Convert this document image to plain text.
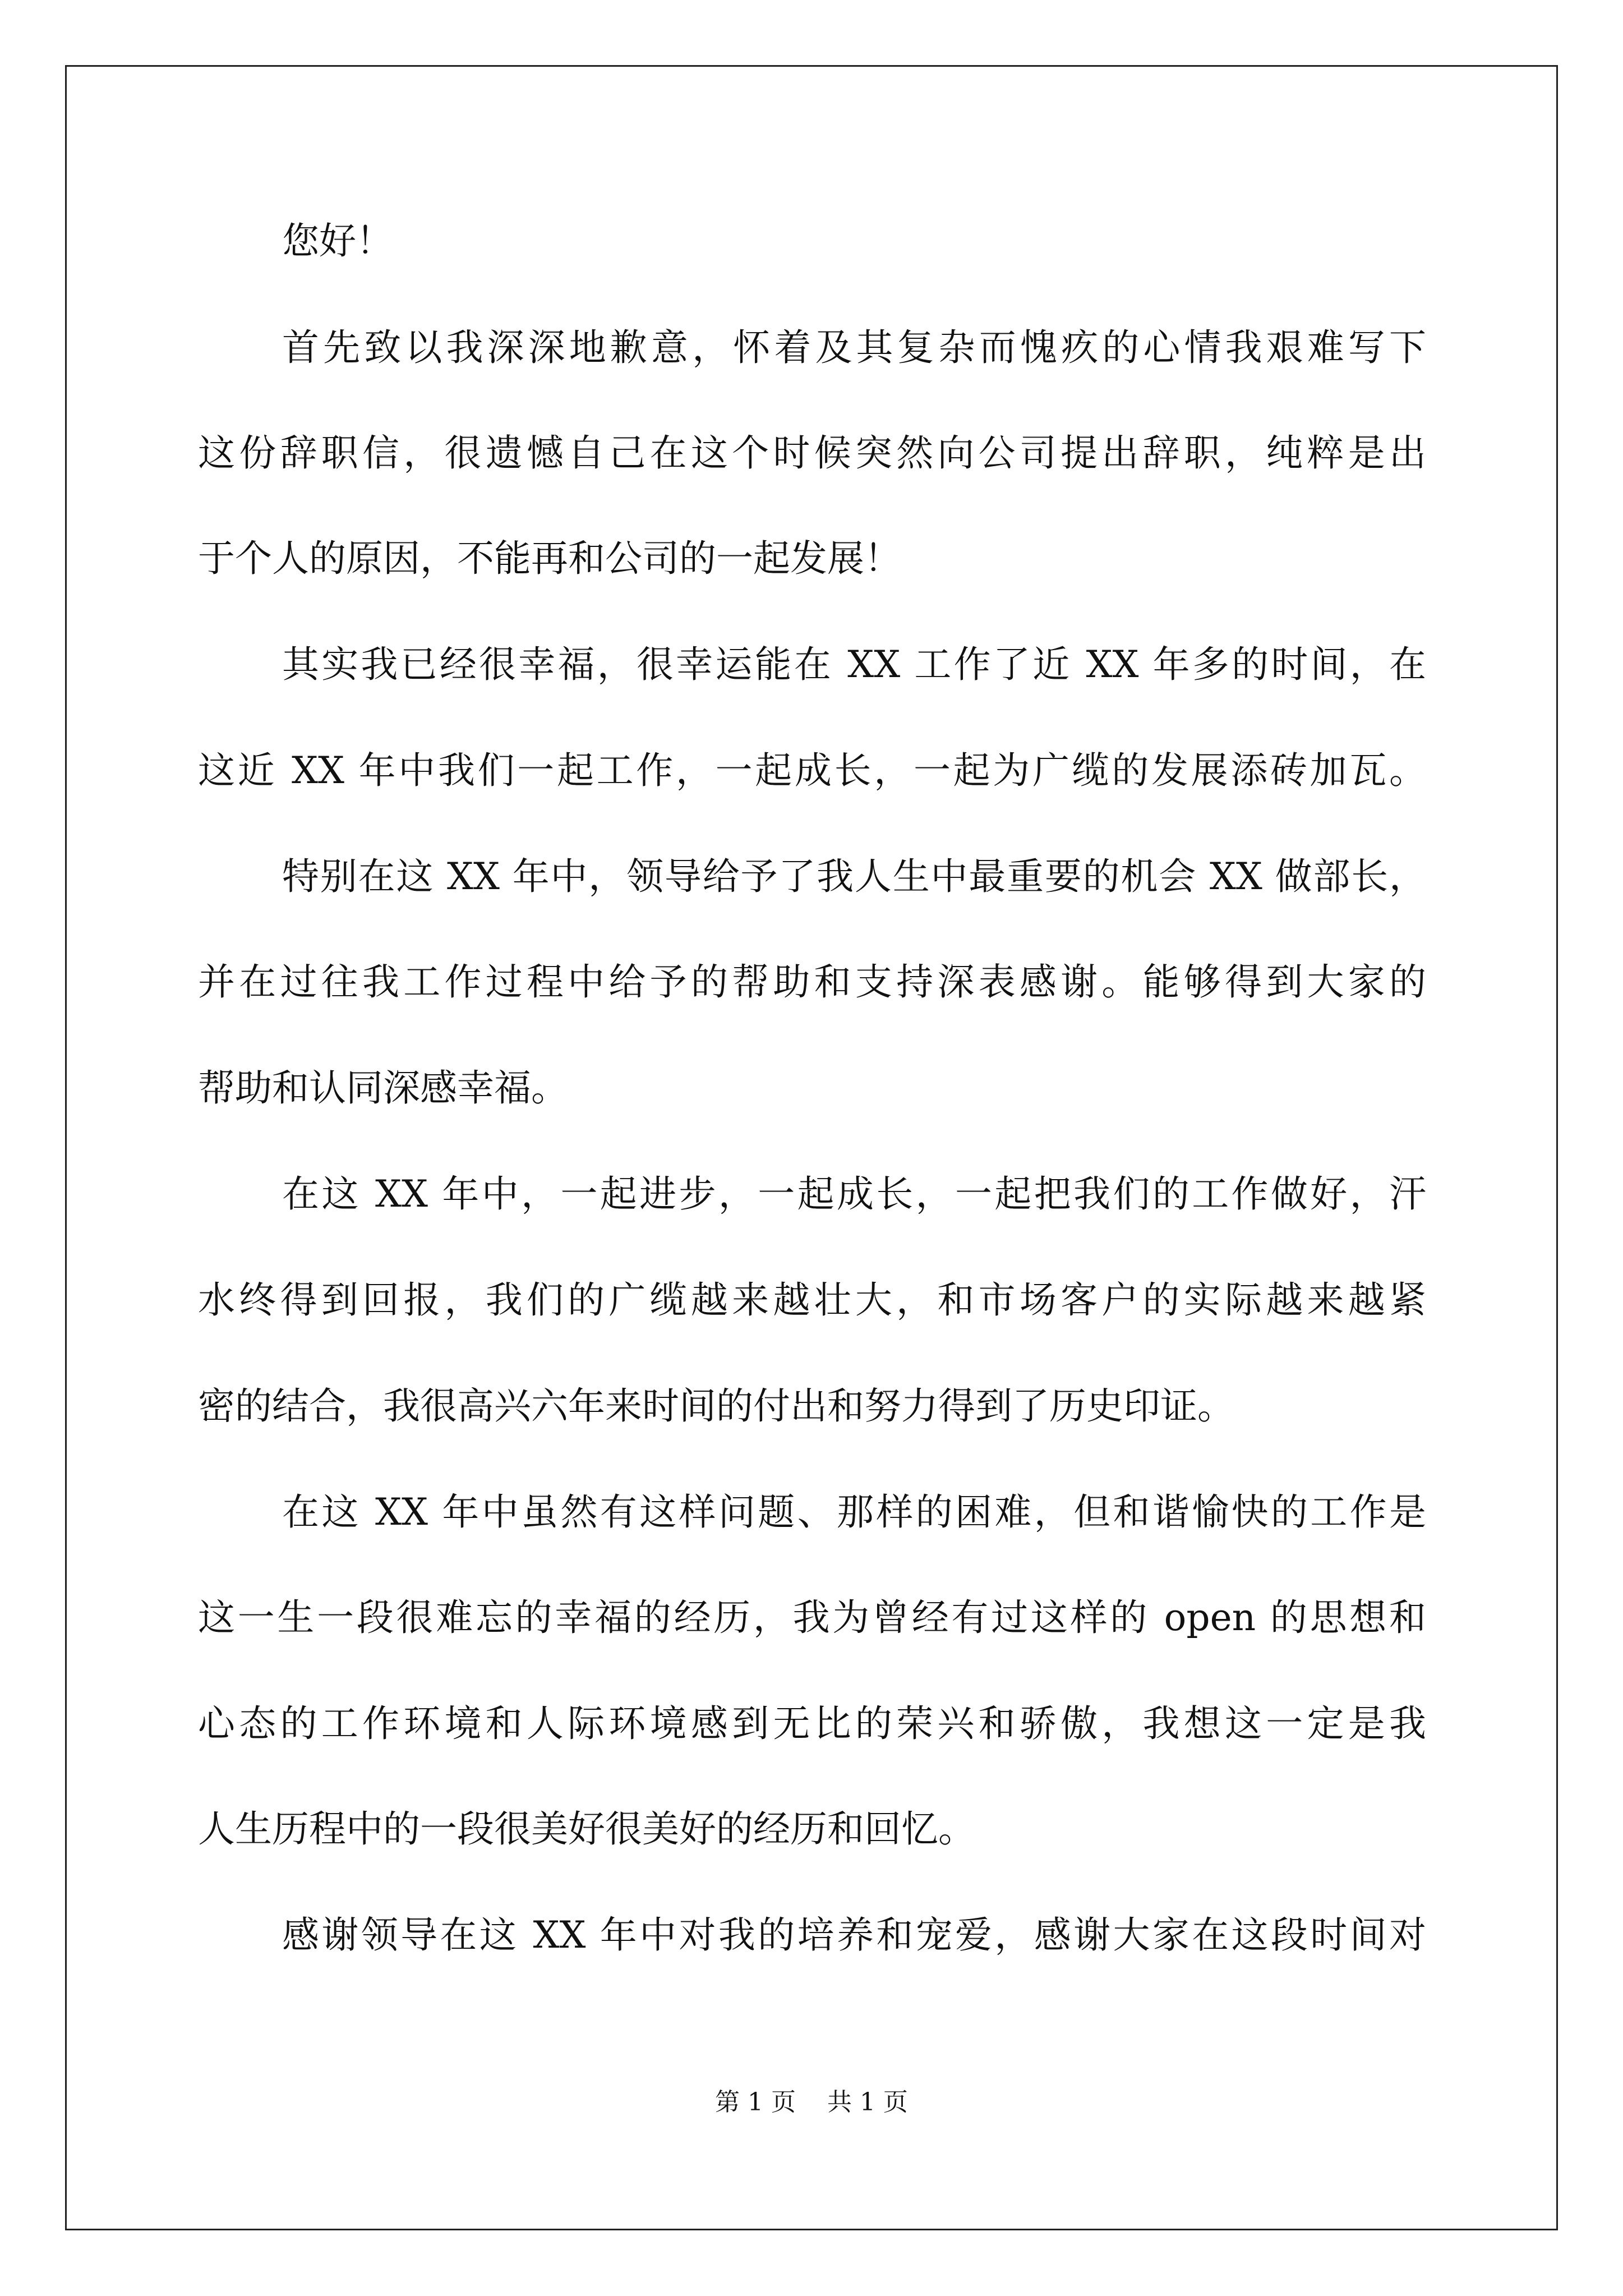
您好！
首先致以我深深地歉意，怀着及其复杂而愧疚的心情我艰难写下
这份辞职信，很遗憾自己在这个时候突然向公司提出辞职，纯粹是出
于个人的原因，不能再和公司的一起发展！
其实我已经很幸福，很幸运能在 XX 工作了近 XX 年多的时间，在
这近 XX 年中我们一起工作，一起成长，一起为广缆的发展添砖加瓦。
特别在这 XX 年中，领导给予了我人生中最重要的机会 XX 做部长，
并在过往我工作过程中给予的帮助和支持深表感谢。能够得到大家的
帮助和认同深感幸福。
在这 XX 年中，一起进步，一起成长，一起把我们的工作做好，汗
水终得到回报，我们的广缆越来越壮大，和市场客户的实际越来越紧
密的结合，我很高兴六年来时间的付出和努力得到了历史印证。
在这 XX 年中虽然有这样问题、那样的困难，但和谐愉快的工作是
这一生一段很难忘的幸福的经历，我为曾经有过这样的 open 的思想和
心态的工作环境和人际环境感到无比的荣兴和骄傲，我想这一定是我
人生历程中的一段很美好很美好的经历和回忆。
感谢领导在这 XX 年中对我的培养和宠爱，感谢大家在这段时间对
第 1 页    共 1 页
